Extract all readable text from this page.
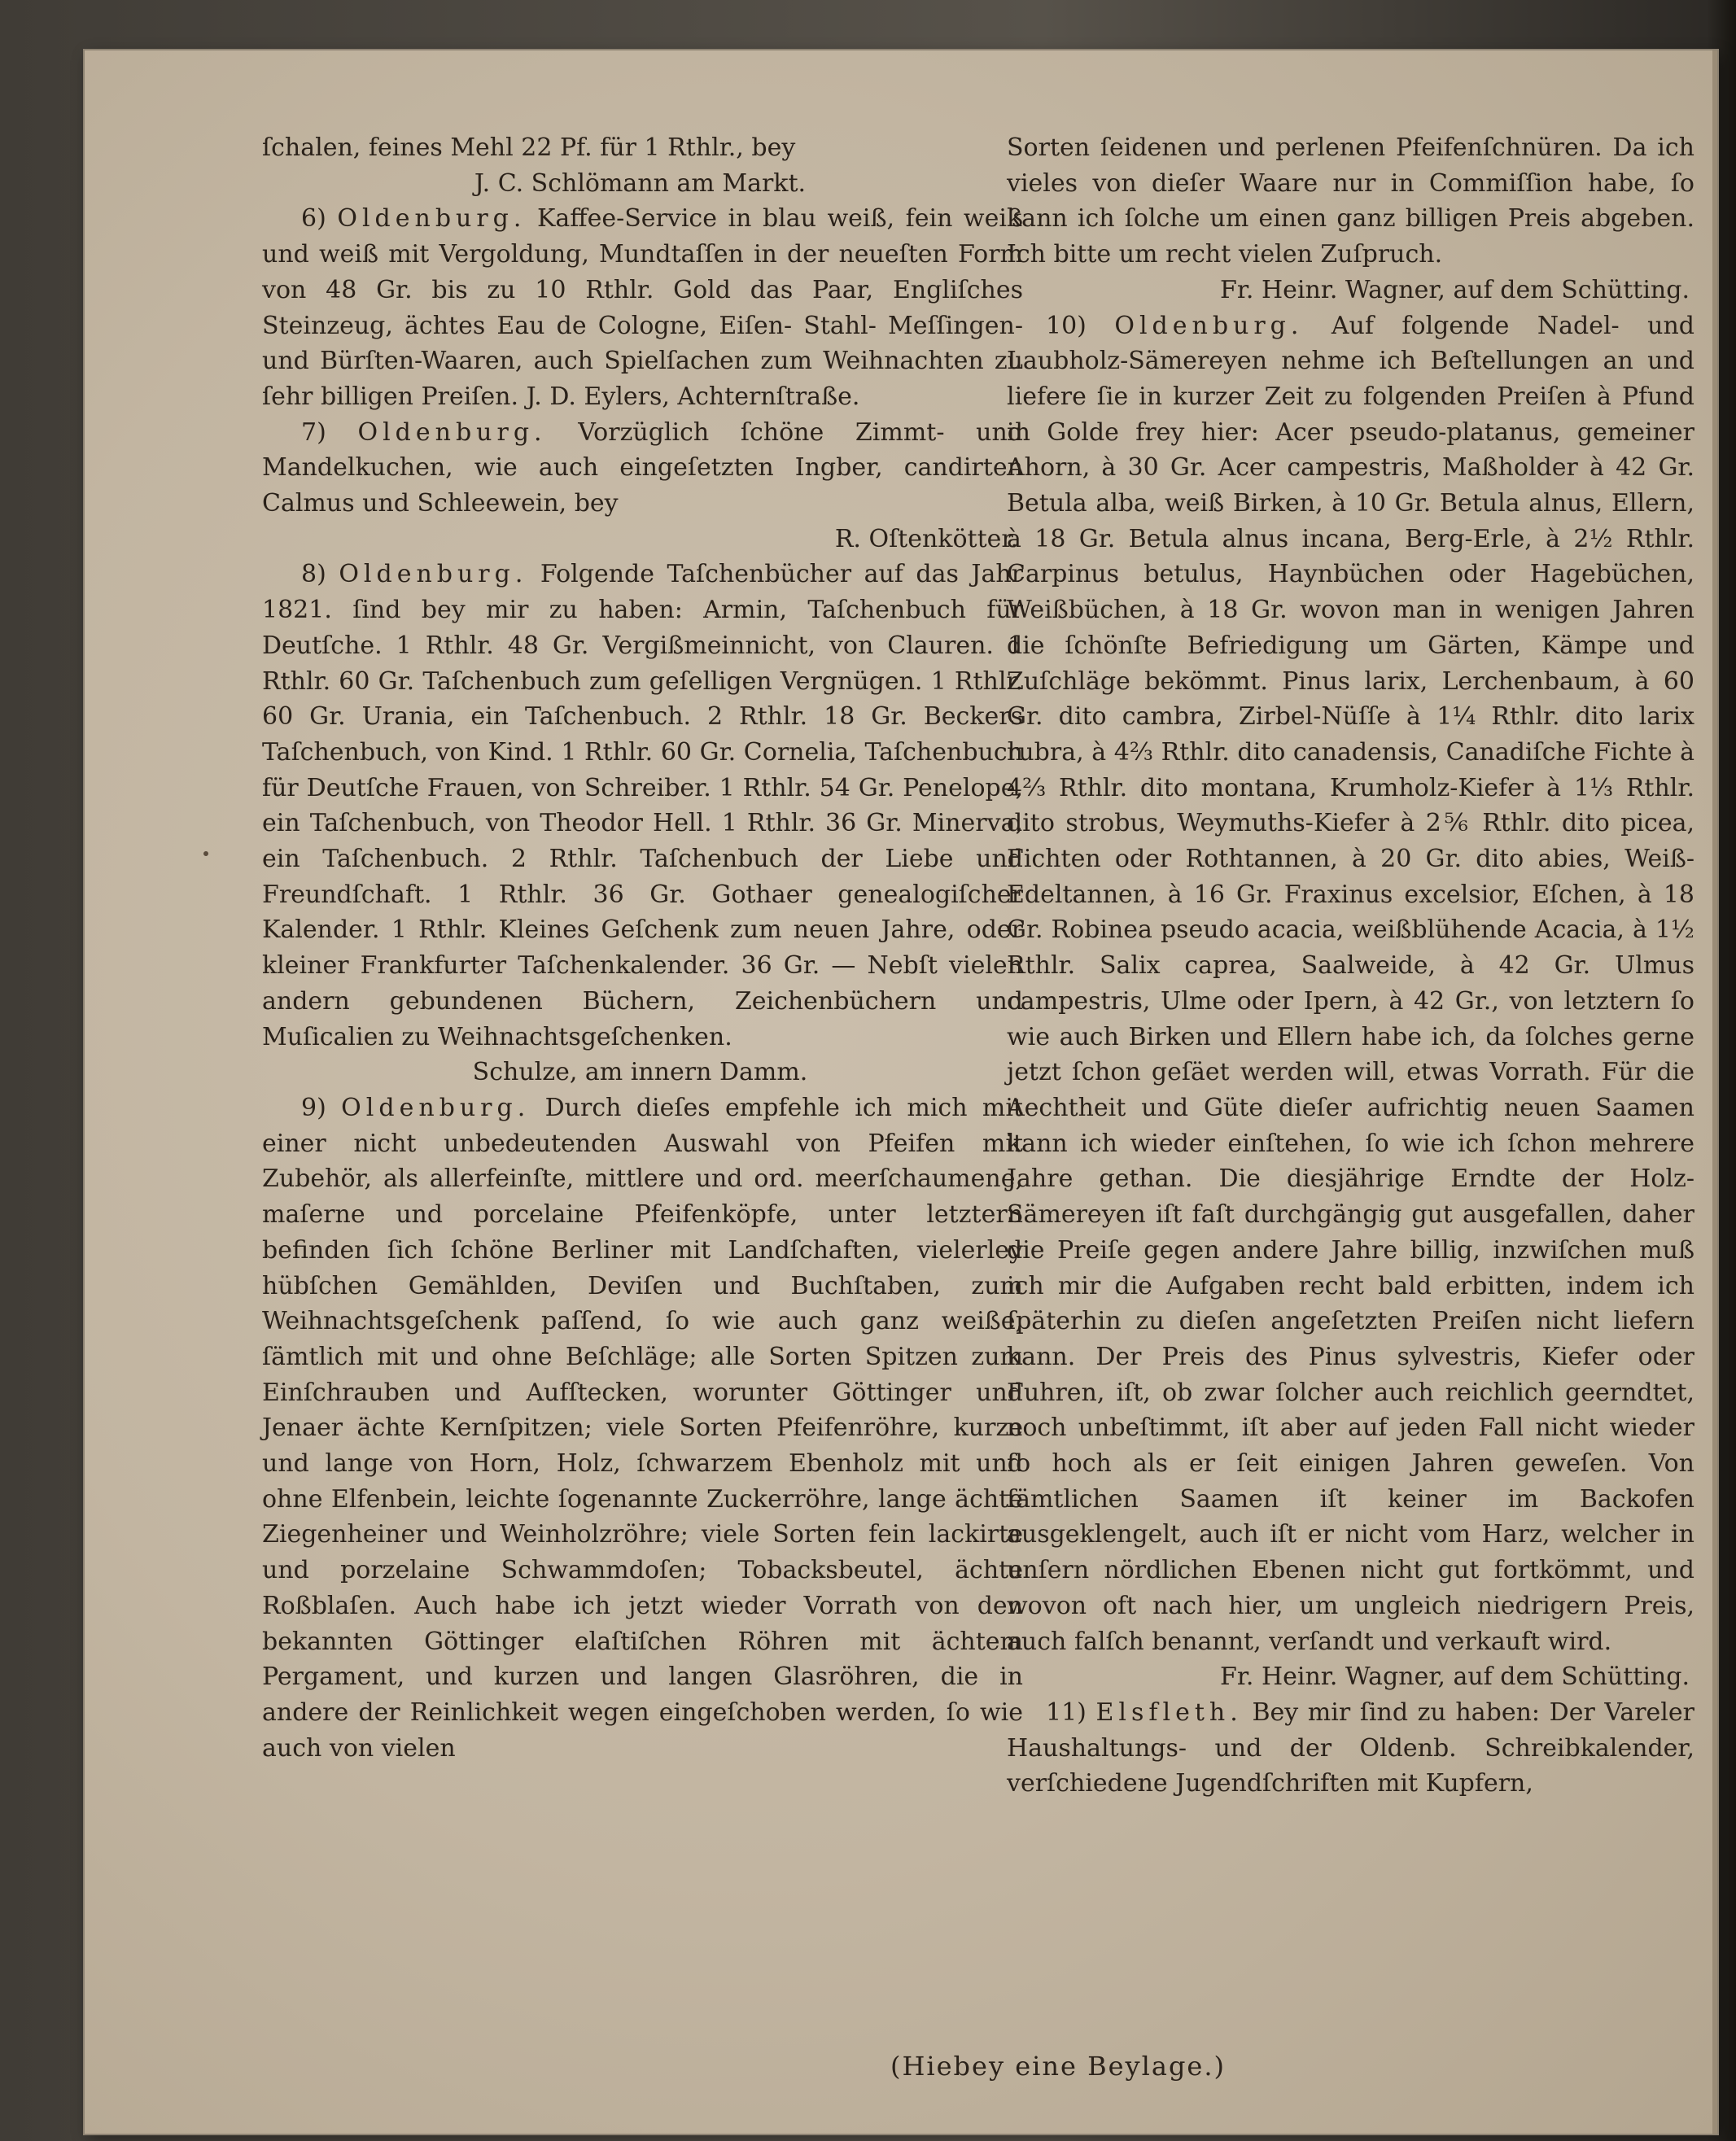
ſchalen, feines Mehl 22 Pf. für 1 Rthlr., bey

J. C. Schlömann am Markt.

6) Oldenburg. Kaffee-Service in blau weiß, fein weiß und weiß mit Vergoldung, Mundtaſſen in der neueſten Form von 48 Gr. bis zu 10 Rthlr. Gold das Paar, Engliſches Steinzeug, ächtes Eau de Cologne, Eiſen- Stahl- Meſſingen- und Bürſten-Waaren, auch Spielſachen zum Weihnachten zu ſehr billigen Preiſen. J. D. Eylers, Achternſtraße.

7) Oldenburg. Vorzüglich ſchöne Zimmt- und Mandelkuchen, wie auch eingeſetzten Ingber, candirten Calmus und Schleewein, bey

R. Oſtenkötter.

8) Oldenburg. Folgende Taſchenbücher auf das Jahr 1821. ſind bey mir zu haben: Armin, Taſchenbuch für Deutſche. 1 Rthlr. 48 Gr. Vergißmeinnicht, von Clauren. 1 Rthlr. 60 Gr. Taſchenbuch zum geſelligen Vergnügen. 1 Rthlr. 60 Gr. Urania, ein Taſchenbuch. 2 Rthlr. 18 Gr. Beckers Taſchenbuch, von Kind. 1 Rthlr. 60 Gr. Cornelia, Taſchenbuch für Deutſche Frauen, von Schreiber. 1 Rthlr. 54 Gr. Penelope, ein Taſchenbuch, von Theodor Hell. 1 Rthlr. 36 Gr. Minerva, ein Taſchenbuch. 2 Rthlr. Taſchenbuch der Liebe und Freundſchaft. 1 Rthlr. 36 Gr. Gothaer genealogiſcher Kalender. 1 Rthlr. Kleines Geſchenk zum neuen Jahre, oder kleiner Frankfurter Taſchenkalender. 36 Gr. — Nebſt vielen andern gebundenen Büchern, Zeichenbüchern und Muſicalien zu Weihnachtsgeſchenken.

Schulze, am innern Damm.

9) Oldenburg. Durch dieſes empfehle ich mich mit einer nicht unbedeutenden Auswahl von Pfeifen mit Zubehör, als allerfeinſte, mittlere und ord. meerſchaumene, maſerne und porcelaine Pfeifenköpfe, unter letztern befinden ſich ſchöne Berliner mit Landſchaften, vielerley hübſchen Gemählden, Deviſen und Buchſtaben, zum Weihnachtsgeſchenk paſſend, ſo wie auch ganz weiße, ſämtlich mit und ohne Beſchläge; alle Sorten Spitzen zum Einſchrauben und Aufſtecken, worunter Göttinger und Jenaer ächte Kernſpitzen; viele Sorten Pfeifenröhre, kurze und lange von Horn, Holz, ſchwarzem Ebenholz mit und ohne Elfenbein, leichte ſogenannte Zuckerröhre, lange ächte Ziegenheiner und Weinholzröhre; viele Sorten fein lackirte und porzelaine Schwammdoſen; Tobacksbeutel, ächte Roßblaſen. Auch habe ich jetzt wieder Vorrath von den bekannten Göttinger elaſtiſchen Röhren mit ächtem Pergament, und kurzen und langen Glasröhren, die in andere der Reinlichkeit wegen eingeſchoben werden, ſo wie auch von vielen

Sorten ſeidenen und perlenen Pfeifenſchnüren. Da ich vieles von dieſer Waare nur in Commiſſion habe, ſo kann ich ſolche um einen ganz billigen Preis abgeben. Ich bitte um recht vielen Zuſpruch.

Fr. Heinr. Wagner, auf dem Schütting.

10) Oldenburg. Auf folgende Nadel- und Laubholz-Sämereyen nehme ich Beſtellungen an und liefere ſie in kurzer Zeit zu folgenden Preiſen à Pfund in Golde frey hier: Acer pseudo-platanus, gemeiner Ahorn, à 30 Gr. Acer campestris, Maßholder à 42 Gr. Betula alba, weiß Birken, à 10 Gr. Betula alnus, Ellern, à 18 Gr. Betula alnus incana, Berg-Erle, à 2½ Rthlr. Carpinus betulus, Haynbüchen oder Hagebüchen, Weißbüchen, à 18 Gr. wovon man in wenigen Jahren die ſchönſte Befriedigung um Gärten, Kämpe und Zuſchläge bekömmt. Pinus larix, Lerchenbaum, à 60 Gr. dito cambra, Zirbel-Nüſſe à 1¼ Rthlr. dito larix rubra, à 4⅔ Rthlr. dito canadensis, Canadiſche Fichte à 4⅔ Rthlr. dito montana, Krumholz-Kiefer à 1⅓ Rthlr. dito strobus, Weymuths-Kiefer à 2⅚ Rthlr. dito picea, Fichten oder Rothtannen, à 20 Gr. dito abies, Weiß-Edeltannen, à 16 Gr. Fraxinus excelsior, Eſchen, à 18 Gr. Robinea pseudo acacia, weißblühende Acacia, à 1½ Rthlr. Salix caprea, Saalweide, à 42 Gr. Ulmus campestris, Ulme oder Ipern, à 42 Gr., von letztern ſo wie auch Birken und Ellern habe ich, da ſolches gerne jetzt ſchon geſäet werden will, etwas Vorrath. Für die Aechtheit und Güte dieſer aufrichtig neuen Saamen kann ich wieder einſtehen, ſo wie ich ſchon mehrere Jahre gethan. Die diesjährige Erndte der Holz-Sämereyen iſt faſt durchgängig gut ausgefallen, daher die Preiſe gegen andere Jahre billig, inzwiſchen muß ich mir die Aufgaben recht bald erbitten, indem ich ſpäterhin zu dieſen angeſetzten Preiſen nicht liefern kann. Der Preis des Pinus sylvestris, Kiefer oder Fuhren, iſt, ob zwar ſolcher auch reichlich geerndtet, noch unbeſtimmt, iſt aber auf jeden Fall nicht wieder ſo hoch als er ſeit einigen Jahren geweſen. Von ſämtlichen Saamen iſt keiner im Backofen ausgeklengelt, auch iſt er nicht vom Harz, welcher in unſern nördlichen Ebenen nicht gut fortkömmt, und wovon oft nach hier, um ungleich niedrigern Preis, auch falſch benannt, verſandt und verkauft wird.

Fr. Heinr. Wagner, auf dem Schütting.

11) Elsfleth. Bey mir ſind zu haben: Der Vareler Haushaltungs- und der Oldenb. Schreibkalender, verſchiedene Jugendſchriften mit Kupfern,

(Hiebey eine Beylage.)
